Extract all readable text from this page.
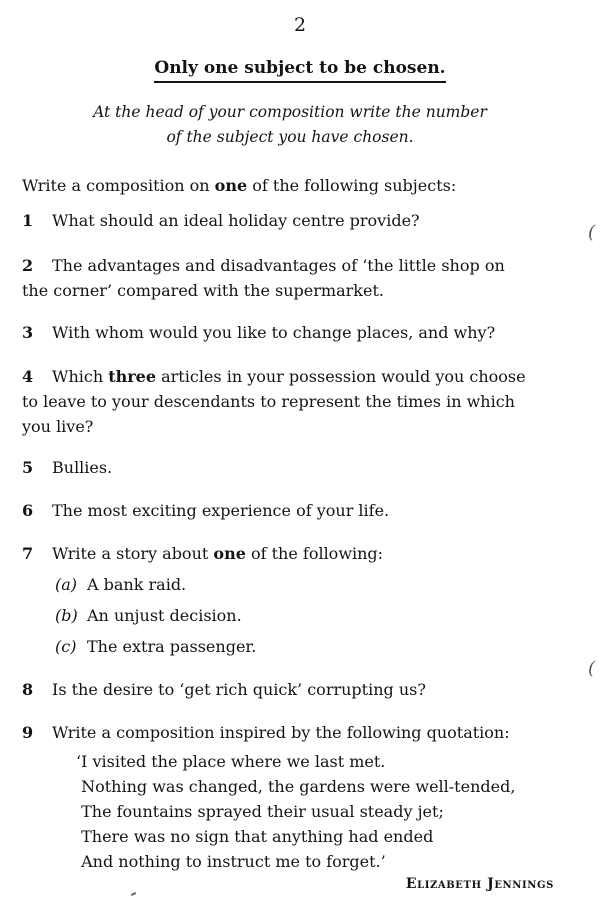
2
Only one subject to be chosen.
At the head of your composition write the number
of the subject you have chosen.
Write a composition on one of the following subjects:
1 What should an ideal holiday centre provide?
2 The advantages and disadvantages of ‘the little shop on
the corner’ compared with the supermarket.
3 With whom would you like to change places, and why?
4 Which three articles in your possession would you choose
to leave to your descendants to represent the times in which
you live?
5 Bullies.
6 The most exciting experience of your life.
7 Write a story about one of the following:
(a) A bank raid.
(b) An unjust decision.
(c) The extra passenger.
8 Is the desire to ‘get rich quick’ corrupting us?
9 Write a composition inspired by the following quotation:
‘I visited the place where we last met.
Nothing was changed, the gardens were well-tended,
The fountains sprayed their usual steady jet;
There was no sign that anything had ended
And nothing to instruct me to forget.’
Elizabeth Jennings
(
(
